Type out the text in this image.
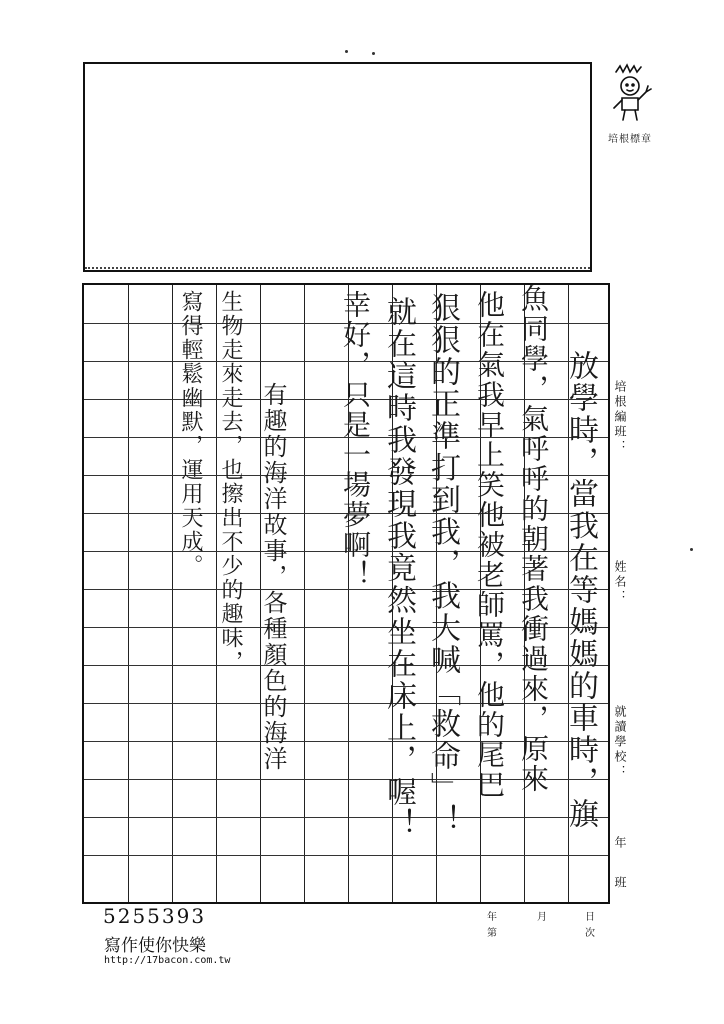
培根標章
放學時，當我在等媽媽的車時，旗
魚同學，氣呼呼的朝著我衝過來，原來
他在氣我早上笑他被老師罵，他的尾巴
狠狠的正準打到我，我大喊「救命」！
就在這時我發現我竟然坐在床上，喔！
幸好，只是一場夢啊！
有趣的海洋故事，各種顏色的海洋
生物走來走去，也擦出不少的趣味，
寫得輕鬆幽默，運用天成。	培根編班：
姓名：
就讀學校：
年
班
年	月	日
第	次
5255393
寫作使你快樂
http://17bacon.com.tw
